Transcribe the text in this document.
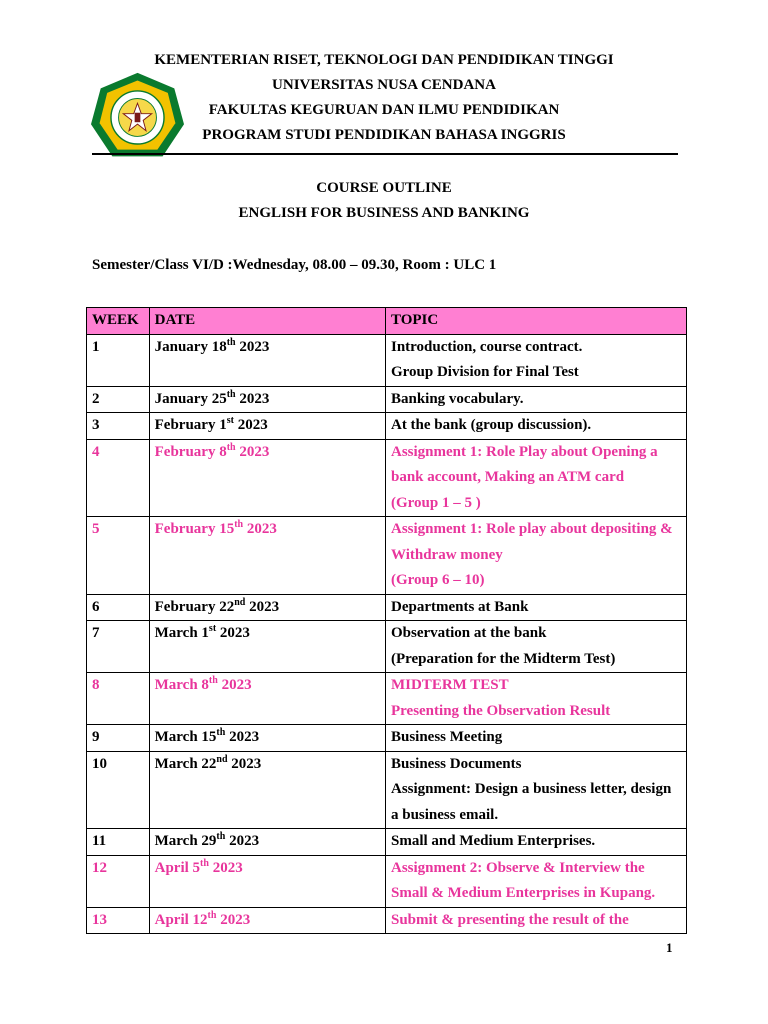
KEMENTERIAN RISET, TEKNOLOGI DAN PENDIDIKAN TINGGI
UNIVERSITAS NUSA CENDANA
FAKULTAS KEGURUAN DAN ILMU PENDIDIKAN
PROGRAM STUDI PENDIDIKAN BAHASA INGGRIS
COURSE OUTLINE
ENGLISH FOR BUSINESS AND BANKING
Semester/Class VI/D :Wednesday, 08.00 – 09.30, Room : ULC 1
WEEK	DATE	TOPIC
1	January 18th 2023	Introduction, course contract.
Group Division for Final Test

2	January 25th 2023	Banking vocabulary.

3	February 1st 2023	At the bank (group discussion).

4	February 8th 2023	Assignment 1: Role Play about Opening a bank account, Making an ATM card
(Group 1 – 5 )

5	February 15th 2023	Assignment 1: Role play about depositing & Withdraw money
(Group 6 – 10)

6	February 22nd 2023	Departments at Bank

7	March 1st 2023	Observation at the bank
(Preparation for the Midterm Test)

8	March 8th 2023	MIDTERM TEST
Presenting the Observation Result

9	March 15th 2023	Business Meeting

10	March 22nd 2023	Business Documents
Assignment: Design a business letter, design a business email.

11	March 29th 2023	Small and Medium Enterprises.

12	April 5th 2023	Assignment 2: Observe & Interview the Small & Medium Enterprises in Kupang.

13	April 12th 2023	Submit & presenting the result of the
1
